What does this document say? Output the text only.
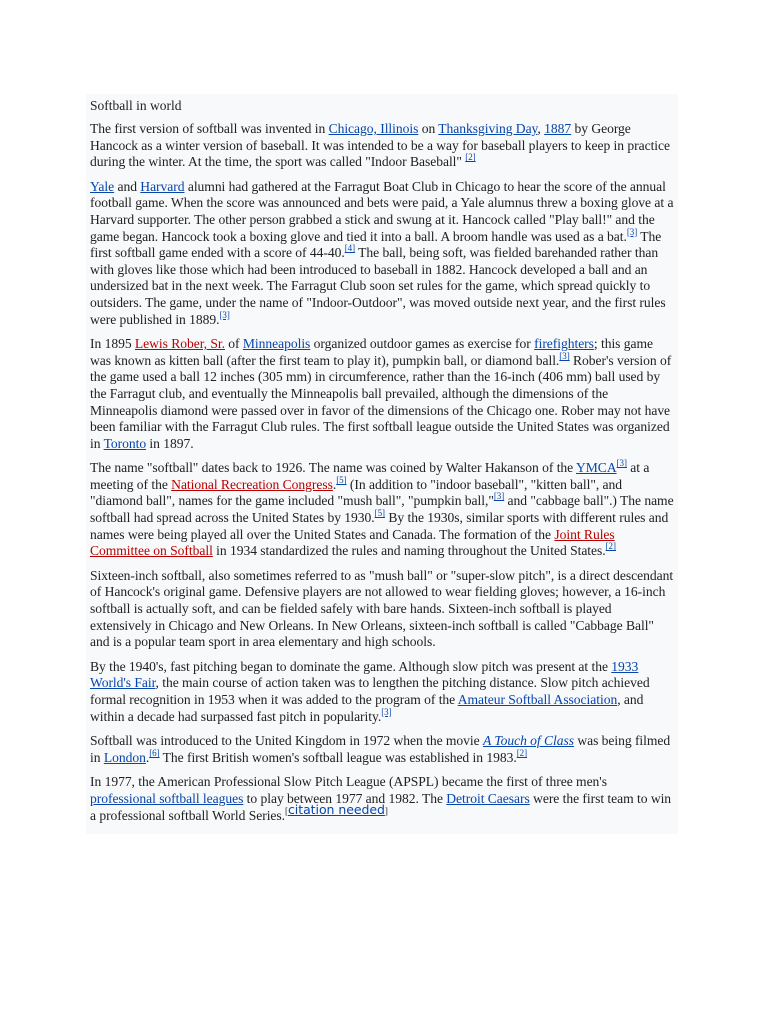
Softball in world

The first version of softball was invented in Chicago, Illinois on Thanksgiving Day, 1887 by George Hancock as a winter version of baseball. It was intended to be a way for baseball players to keep in practice during the winter. At the time, the sport was called "Indoor Baseball" [2]

Yale and Harvard alumni had gathered at the Farragut Boat Club in Chicago to hear the score of the annual football game. When the score was announced and bets were paid, a Yale alumnus threw a boxing glove at a Harvard supporter. The other person grabbed a stick and swung at it. Hancock called "Play ball!" and the game began. Hancock took a boxing glove and tied it into a ball. A broom handle was used as a bat.[3] The first softball game ended with a score of 44-40.[4] The ball, being soft, was fielded barehanded rather than with gloves like those which had been introduced to baseball in 1882. Hancock developed a ball and an undersized bat in the next week. The Farragut Club soon set rules for the game, which spread quickly to outsiders. The game, under the name of "Indoor-Outdoor", was moved outside next year, and the first rules were published in 1889.[3]

In 1895 Lewis Rober, Sr. of Minneapolis organized outdoor games as exercise for firefighters; this game was known as kitten ball (after the first team to play it), pumpkin ball, or diamond ball.[3] Rober's version of the game used a ball 12 inches (305 mm) in circumference, rather than the 16-inch (406 mm) ball used by the Farragut club, and eventually the Minneapolis ball prevailed, although the dimensions of the Minneapolis diamond were passed over in favor of the dimensions of the Chicago one. Rober may not have been familiar with the Farragut Club rules. The first softball league outside the United States was organized in Toronto in 1897.

The name "softball" dates back to 1926. The name was coined by Walter Hakanson of the YMCA[3] at a meeting of the National Recreation Congress.[5] (In addition to "indoor baseball", "kitten ball", and "diamond ball", names for the game included "mush ball", "pumpkin ball,"[3] and "cabbage ball".) The name softball had spread across the United States by 1930.[5] By the 1930s, similar sports with different rules and names were being played all over the United States and Canada. The formation of the Joint Rules Committee on Softball in 1934 standardized the rules and naming throughout the United States.[2]

Sixteen-inch softball, also sometimes referred to as "mush ball" or "super-slow pitch", is a direct descendant of Hancock's original game. Defensive players are not allowed to wear fielding gloves; however, a 16-inch softball is actually soft, and can be fielded safely with bare hands. Sixteen-inch softball is played extensively in Chicago and New Orleans. In New Orleans, sixteen-inch softball is called "Cabbage Ball" and is a popular team sport in area elementary and high schools.

By the 1940's, fast pitching began to dominate the game. Although slow pitch was present at the 1933 World's Fair, the main course of action taken was to lengthen the pitching distance. Slow pitch achieved formal recognition in 1953 when it was added to the program of the Amateur Softball Association, and within a decade had surpassed fast pitch in popularity.[3]

Softball was introduced to the United Kingdom in 1972 when the movie A Touch of Class was being filmed in London.[6] The first British women's softball league was established in 1983.[2]

In 1977, the American Professional Slow Pitch League (APSPL) became the first of three men's professional softball leagues to play between 1977 and 1982. The Detroit Caesars were the first team to win a professional softball World Series.[citation needed]
